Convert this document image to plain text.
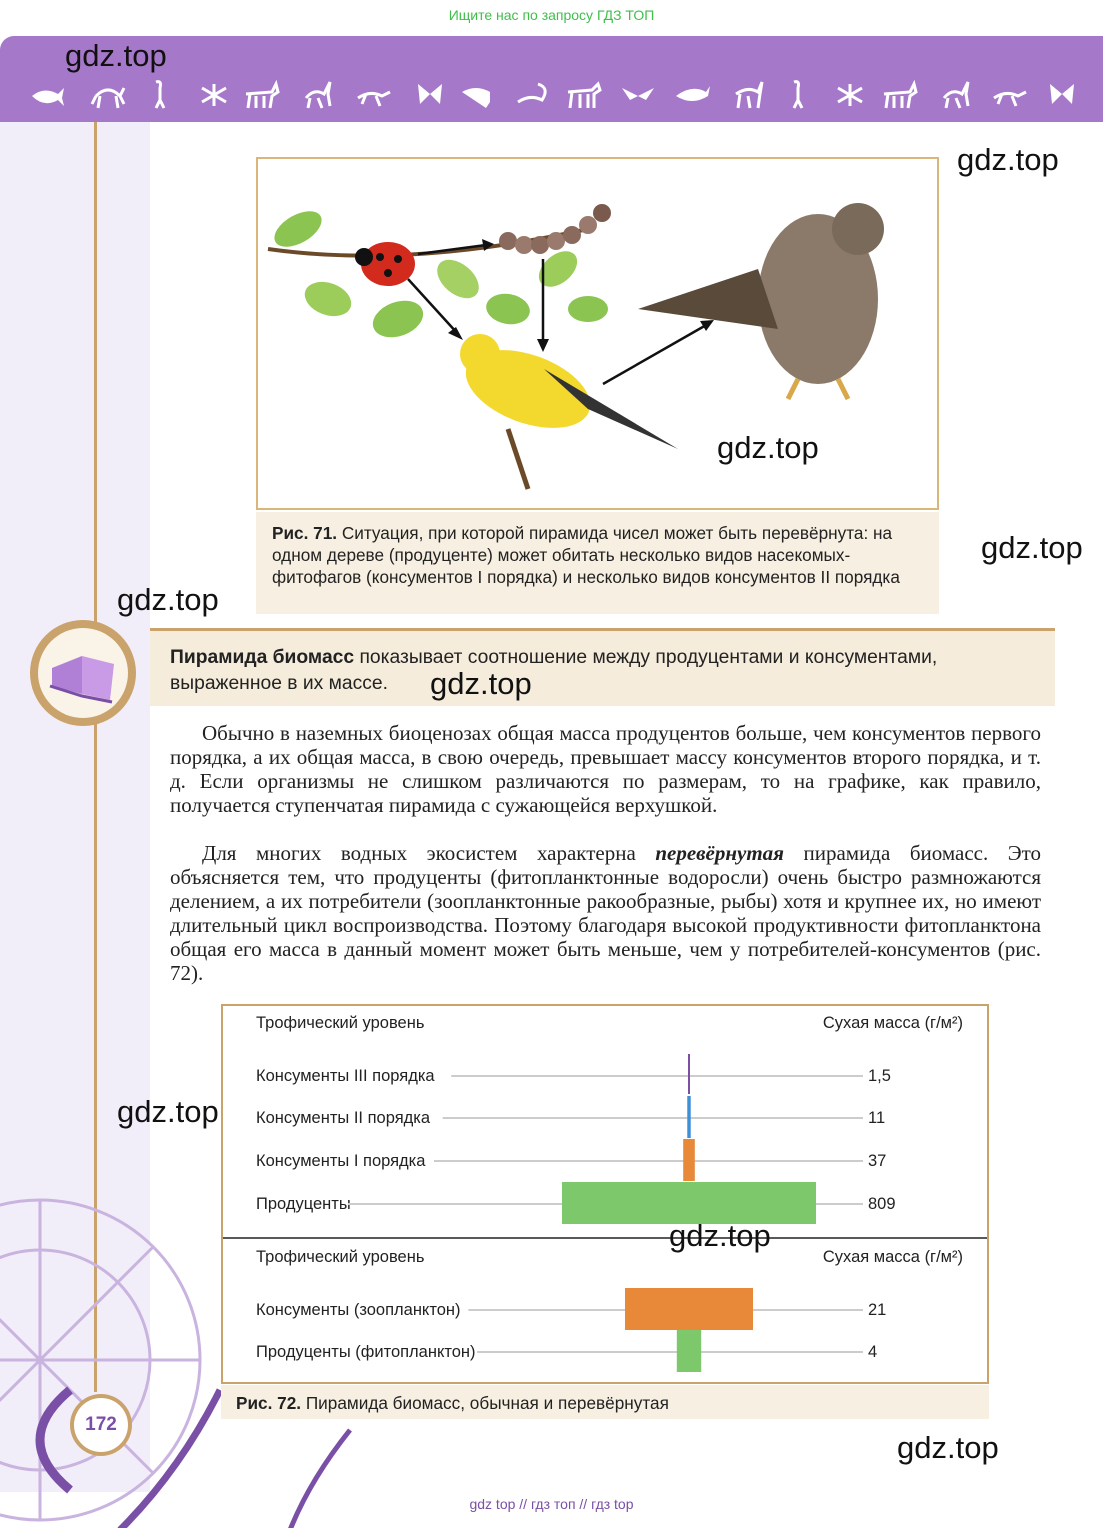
Ищите нас по запросу ГДЗ ТОП
Рис. 71. Ситуация, при которой пирамида чисел может быть перевёрнута: на одном дереве (продуценте) может обитать несколько видов насекомых-фитофагов (консументов I порядка) и несколько видов консументов II порядка
Пирамида биомасс показывает соотношение между продуцентами и консументами, выраженное в их массе.

Обычно в наземных биоценозах общая масса продуцентов больше, чем консументов первого порядка, а их общая масса, в свою очередь, превышает массу консументов второго порядка, и т. д. Если организмы не слишком различаются по размерам, то на графике, как правило, получается ступенчатая пирамида с сужающейся верхушкой.

Для многих водных экосистем характерна перевёрнутая пирамида биомасс. Это объясняется тем, что продуценты (фитопланктонные водоросли) очень быстро размножаются делением, а их потребители (зоопланктонные ракообразные, рыбы) хотя и крупнее их, но имеют длительный цикл воспроизводства. Поэтому благодаря высокой продуктивности фитопланктона общая его масса в данный момент может быть меньше, чем у потребителей-консументов (рис. 72).

Трофический уровень	Сухая масса (г/м²)
Консументы III порядка	1,5
Консументы II порядка	11
Консументы I порядка	37
Продуценты	809
Трофический уровень	Сухая масса (г/м²)
Консументы (зоопланктон)	21
Продуценты (фитопланктон)	4
Рис. 72. Пирамида биомасс, обычная и перевёрнутая
172
gdz.top
gdz.top
gdz.top
gdz.top
gdz.top
gdz.top
gdz.top
gdz.top
gdz.top
gdz top // гдз топ // гдз top
